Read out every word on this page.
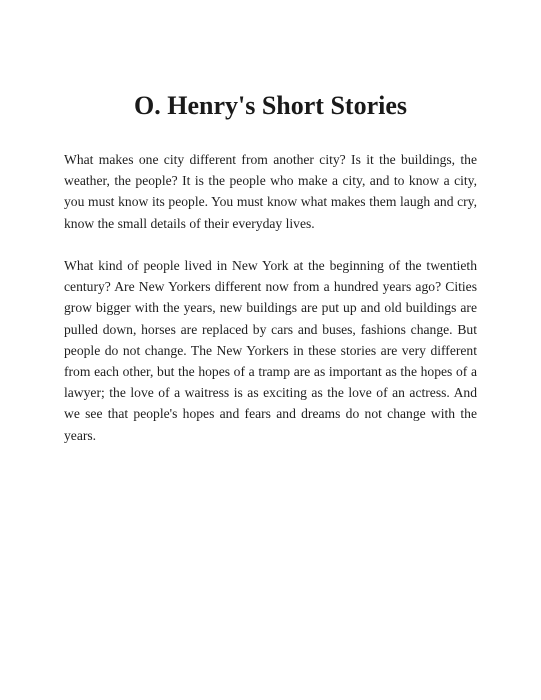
O. Henry's Short Stories

What makes one city different from another city? Is it the buildings, the weather, the people? It is the people who make a city, and to know a city, you must know its people. You must know what makes them laugh and cry, know the small details of their everyday lives.

What kind of people lived in New York at the beginning of the twentieth century? Are New Yorkers different now from a hundred years ago? Cities grow bigger with the years, new buildings are put up and old buildings are pulled down, horses are replaced by cars and buses, fashions change. But people do not change. The New Yorkers in these stories are very different from each other, but the hopes of a tramp are as important as the hopes of a lawyer; the love of a waitress is as exciting as the love of an actress. And we see that people's hopes and fears and dreams do not change with the years.
